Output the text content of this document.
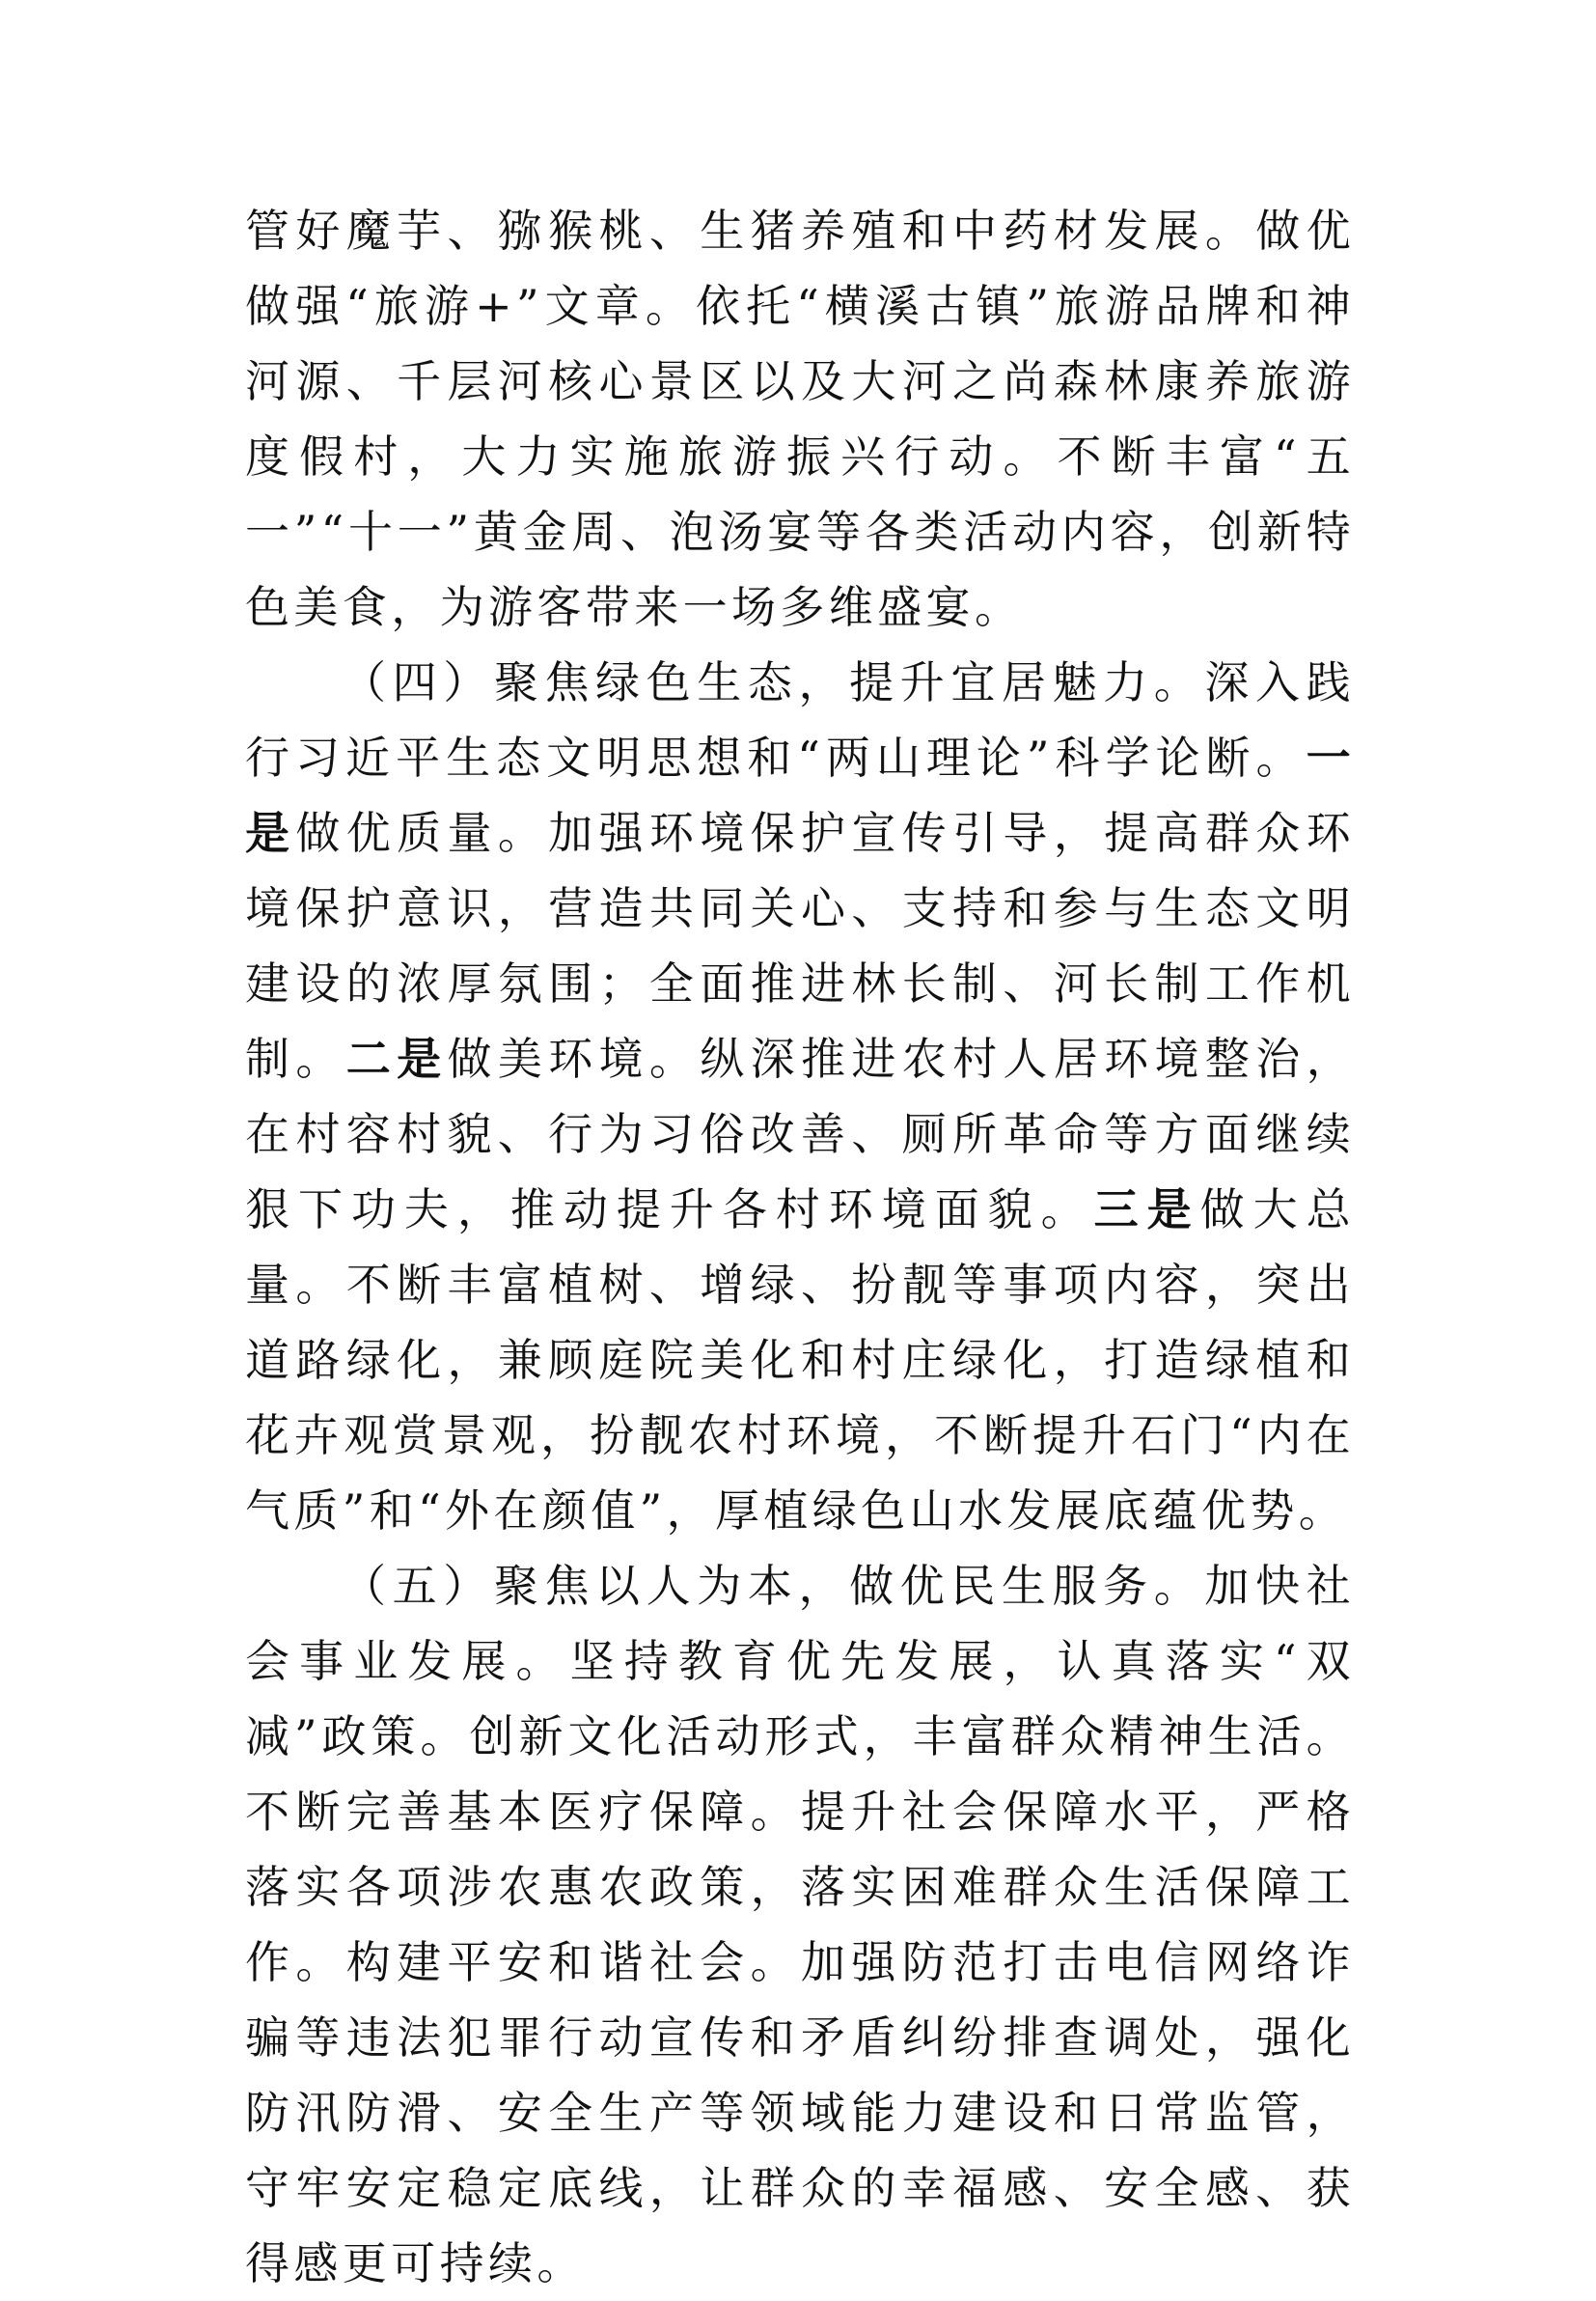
管好魔芋、猕猴桃、生猪养殖和中药材发展。做优做强“旅游+”文章。依托“横溪古镇”旅游品牌和神河源、千层河核心景区以及大河之尚森林康养旅游度假村，大力实施旅游振兴行动。不断丰富“五一”“十一”黄金周、泡汤宴等各类活动内容，创新特色美食，为游客带来一场多维盛宴。

（四）聚焦绿色生态，提升宜居魅力。深入践行习近平生态文明思想和“两山理论”科学论断。一是做优质量。加强环境保护宣传引导，提高群众环境保护意识，营造共同关心、支持和参与生态文明建设的浓厚氛围；全面推进林长制、河长制工作机制。二是做美环境。纵深推进农村人居环境整治，在村容村貌、行为习俗改善、厕所革命等方面继续狠下功夫，推动提升各村环境面貌。三是做大总量。不断丰富植树、增绿、扮靓等事项内容，突出道路绿化，兼顾庭院美化和村庄绿化，打造绿植和花卉观赏景观，扮靓农村环境，不断提升石门“内在气质”和“外在颜值”，厚植绿色山水发展底蕴优势。

（五）聚焦以人为本，做优民生服务。加快社会事业发展。坚持教育优先发展，认真落实“双减”政策。创新文化活动形式，丰富群众精神生活。不断完善基本医疗保障。提升社会保障水平，严格落实各项涉农惠农政策，落实困难群众生活保障工作。构建平安和谐社会。加强防范打击电信网络诈骗等违法犯罪行动宣传和矛盾纠纷排查调处，强化防汛防滑、安全生产等领域能力建设和日常监管，守牢安定稳定底线，让群众的幸福感、安全感、获得感更可持续。
